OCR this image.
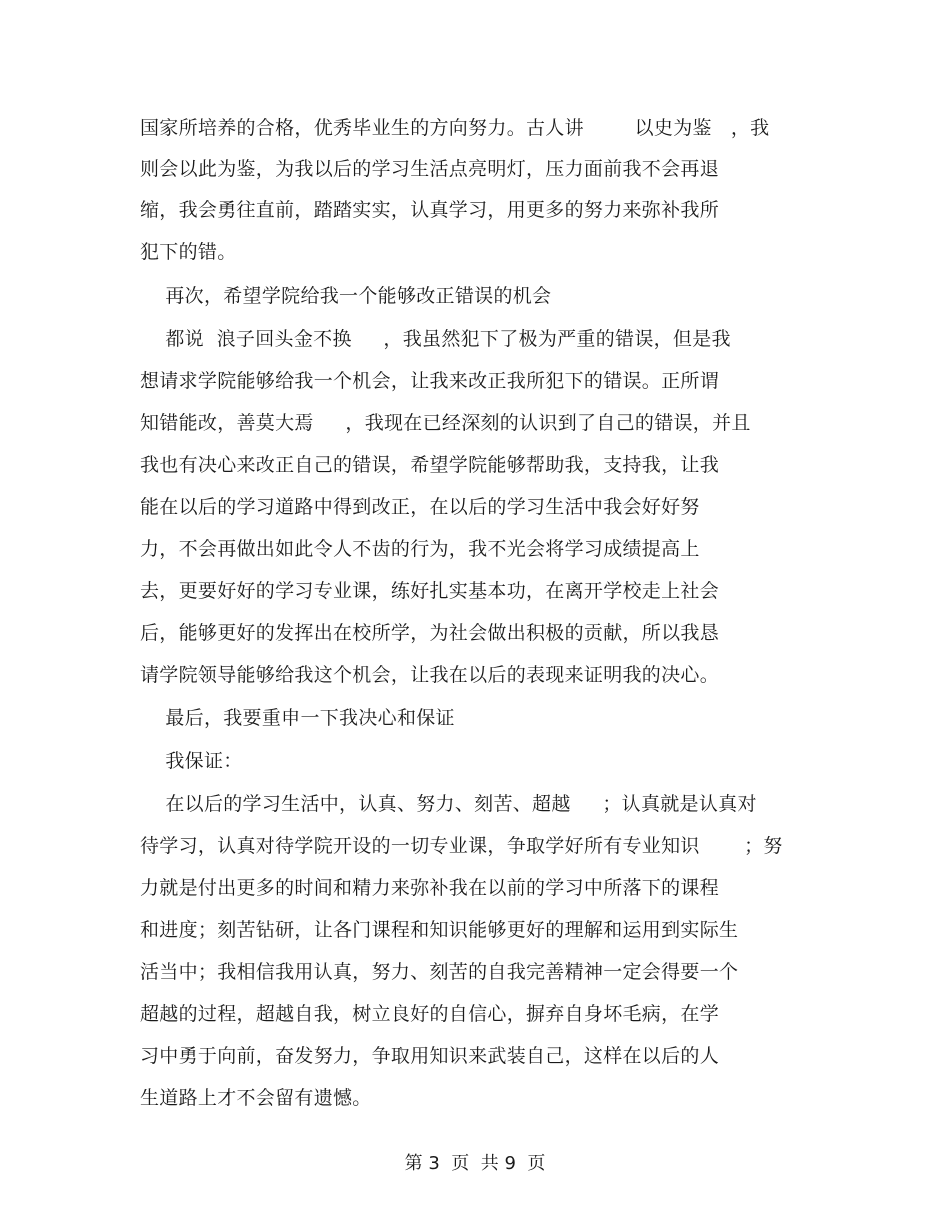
国家所培养的合格，优秀毕业生的方向努力。古人讲        以史为鉴   ，我
则会以此为鉴，为我以后的学习生活点亮明灯，压力面前我不会再退
缩，我会勇往直前，踏踏实实，认真学习，用更多的努力来弥补我所
犯下的错。
再次，希望学院给我一个能够改正错误的机会
都说  浪子回头金不换     ，我虽然犯下了极为严重的错误，但是我
想请求学院能够给我一个机会，让我来改正我所犯下的错误。正所谓
知错能改，善莫大焉     ，我现在已经深刻的认识到了自己的错误，并且
我也有决心来改正自己的错误，希望学院能够帮助我，支持我，让我
能在以后的学习道路中得到改正，在以后的学习生活中我会好好努
力，不会再做出如此令人不齿的行为，我不光会将学习成绩提高上
去，更要好好的学习专业课，练好扎实基本功，在离开学校走上社会
后，能够更好的发挥出在校所学，为社会做出积极的贡献，所以我恳
请学院领导能够给我这个机会，让我在以后的表现来证明我的决心。
最后，我要重申一下我决心和保证
我保证：
在以后的学习生活中，认真、努力、刻苦、超越     ；认真就是认真对
待学习，认真对待学院开设的一切专业课，争取学好所有专业知识       ；努
力就是付出更多的时间和精力来弥补我在以前的学习中所落下的课程
和进度；刻苦钻研，让各门课程和知识能够更好的理解和运用到实际生
活当中；我相信我用认真，努力、刻苦的自我完善精神一定会得要一个
超越的过程，超越自我，树立良好的自信心，摒弃自身坏毛病，在学
习中勇于向前，奋发努力，争取用知识来武装自己，这样在以后的人
生道路上才不会留有遗憾。
第 3  页  共 9  页
